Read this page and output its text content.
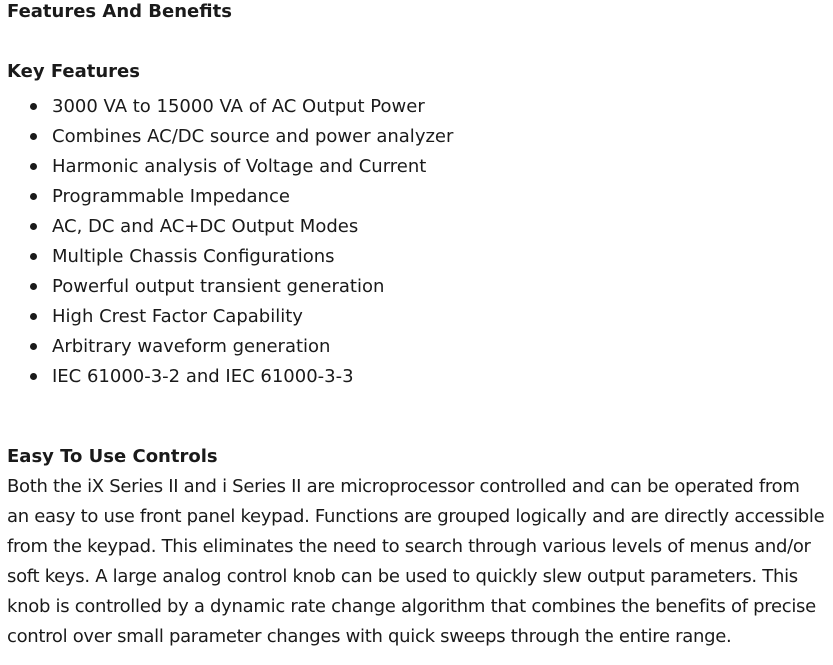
Features And Benefits
Key Features
3000 VA to 15000 VA of AC Output Power
Combines AC/DC source and power analyzer
Harmonic analysis of Voltage and Current
Programmable Impedance
AC, DC and AC+DC Output Modes
Multiple Chassis Configurations
Powerful output transient generation
High Crest Factor Capability
Arbitrary waveform generation
IEC 61000-3-2 and IEC 61000-3-3
Easy To Use Controls

Both the iX Series II and i Series II are microprocessor controlled and can be operated from
an easy to use front panel keypad. Functions are grouped logically and are directly accessible
from the keypad. This eliminates the need to search through various levels of menus and/or
soft keys. A large analog control knob can be used to quickly slew output parameters. This
knob is controlled by a dynamic rate change algorithm that combines the benefits of precise
control over small parameter changes with quick sweeps through the entire range.
